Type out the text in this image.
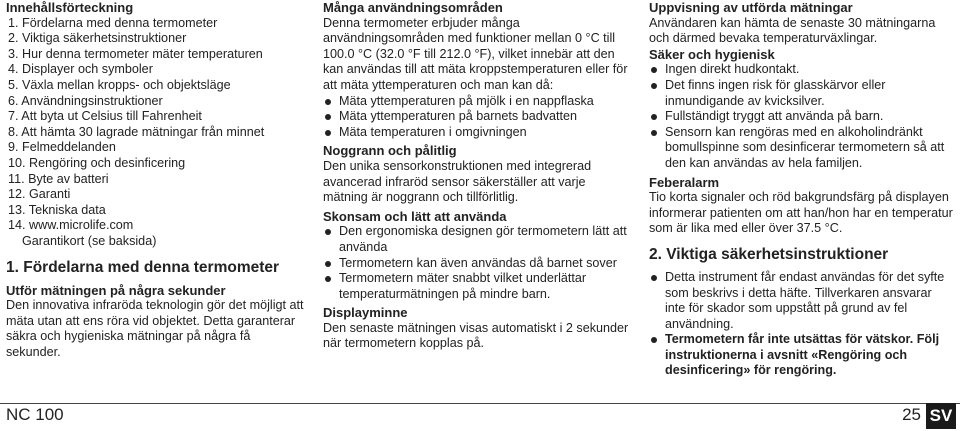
Innehållsförteckning
1. Fördelarna med denna termometer
2. Viktiga säkerhetsinstruktioner
3. Hur denna termometer mäter temperaturen
4. Displayer och symboler
5. Växla mellan kropps- och objektsläge
6. Användningsinstruktioner
7. Att byta ut Celsius till Fahrenheit
8. Att hämta 30 lagrade mätningar från minnet
9. Felmeddelanden
10. Rengöring och desinficering
11. Byte av batteri
12. Garanti
13. Tekniska data
14. www.microlife.com
Garantikort (se baksida)
1. Fördelarna med denna termometer
Utför mätningen på några sekunder

Den innovativa infraröda teknologin gör det möjligt att mäta utan att ens röra vid objektet. Detta garanterar säkra och hygieniska mätningar på några få sekunder.

Många användningsområden

Denna termometer erbjuder många användningsområden med funktioner mellan 0 °C till 100.0 °C (32.0 °F till 212.0 °F), vilket innebär att den kan användas till att mäta kroppstemperaturen eller för att mäta yttemperaturen och man kan då:

Mäta yttemperaturen på mjölk i en nappflaska
Mäta yttemperaturen på barnets badvatten
Mäta temperaturen i omgivningen
Noggrann och pålitlig

Den unika sensorkonstruktionen med integrerad avancerad infraröd sensor säkerställer att varje mätning är noggrann och tillförlitlig.

Skonsam och lätt att använda
Den ergonomiska designen gör termometern lätt att använda
Termometern kan även användas då barnet sover
Termometern mäter snabbt vilket underlättar temperaturmätningen på mindre barn.
Displayminne

Den senaste mätningen visas automatiskt i 2 sekunder när termometern kopplas på.

Uppvisning av utförda mätningar

Användaren kan hämta de senaste 30 mätningarna och därmed bevaka temperaturväxlingar.

Säker och hygienisk
Ingen direkt hudkontakt.
Det finns ingen risk för glasskärvor eller inmundigande av kvicksilver.
Fullständigt tryggt att använda på barn.
Sensorn kan rengöras med en alkoholindränkt bomullspinne som desinficerar termometern så att den kan användas av hela familjen.
Feberalarm

Tio korta signaler och röd bakgrundsfärg på displayen informerar patienten om att han/hon har en temperatur som är lika med eller över 37.5 °C.

2. Viktiga säkerhetsinstruktioner
Detta instrument får endast användas för det syfte som beskrivs i detta häfte. Tillverkaren ansvarar inte för skador som uppstått på grund av fel användning.
Termometern får inte utsättas för vätskor. Följ instruktionerna i avsnitt «Rengöring och desinficering» för rengöring.
NC 100	25 SV
